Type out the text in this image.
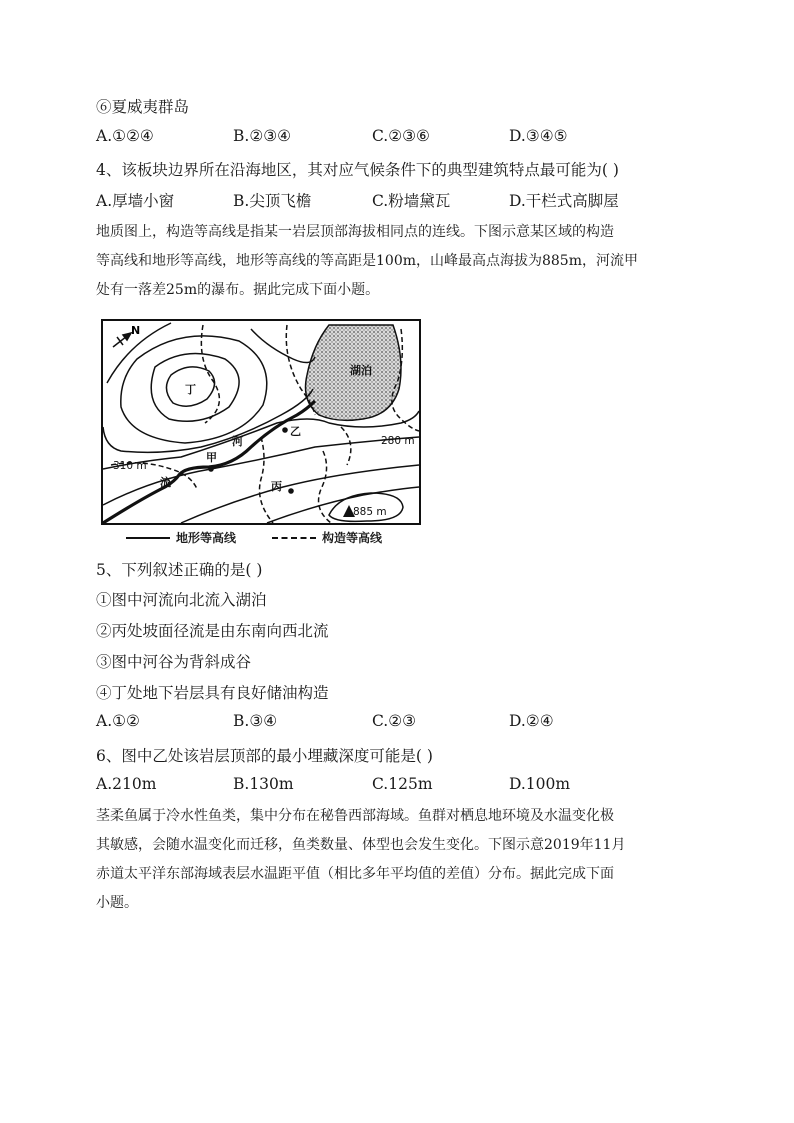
⑥夏威夷群岛
A.①②④	B.②③④	C.②③⑥	D.③④⑤
4、该板块边界所在沿海地区，其对应气候条件下的典型建筑特点最可能为( )
A.厚墙小窗	B.尖顶飞檐	C.粉墙黛瓦	D.干栏式高脚屋
地质图上，构造等高线是指某一岩层顶部海拔相同点的连线。下图示意某区域的构造
等高线和地形等高线，地形等高线的等高距是100m，山峰最高点海拔为885m，河流甲
处有一落差25m的瀑布。据此完成下面小题。
N
湖泊
丁
乙
甲
丙
河
流
310 m
280 m
885 m
地形等高线	构造等高线
5、下列叙述正确的是( )
①图中河流向北流入湖泊
②丙处坡面径流是由东南向西北流
③图中河谷为背斜成谷
④丁处地下岩层具有良好储油构造
A.①②	B.③④	C.②③	D.②④
6、图中乙处该岩层顶部的最小埋藏深度可能是( )
A.210m	B.130m	C.125m	D.100m
茎柔鱼属于冷水性鱼类，集中分布在秘鲁西部海域。鱼群对栖息地环境及水温变化极
其敏感，会随水温变化而迁移，鱼类数量、体型也会发生变化。下图示意2019年11月
赤道太平洋东部海域表层水温距平值（相比多年平均值的差值）分布。据此完成下面
小题。
